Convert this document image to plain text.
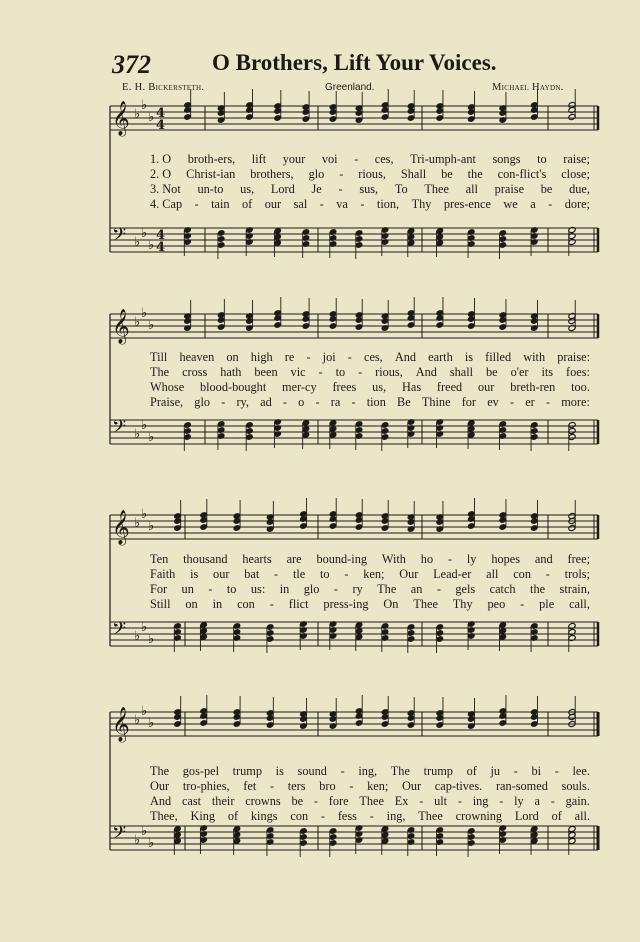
372	O Brothers, Lift Your Voices.
E. H. Bickersteth.	Greenland.	Michael Haydn.
𝄞 ♭
♭
♭ 4
4
𝄢 ♭
♭
♭
4
4
𝄞 ♭
♭
♭
𝄢 ♭
♭
♭
𝄞 ♭
♭
♭
𝄢 ♭
♭
♭
𝄞 ♭
♭
♭
𝄢 ♭
♭
♭
1. O broth-ers, lift your voi - ces, Tri-umph-ant songs to raise;
2. O Christ-ian brothers, glo - rious, Shall be the con-flict's close;
3. Not un-to us, Lord Je - sus, To Thee all praise be due,
4. Cap - tain of our sal - va - tion, Thy pres-ence we a - dore;
Till heaven on high re - joi - ces, And earth is filled with praise:
The cross hath been vic - to - rious, And shall be o'er its foes:
Whose blood-bought mer-cy frees us, Has freed our breth-ren too.
Praise, glo - ry, ad - o - ra - tion Be Thine for ev - er - more:
Ten thousand hearts are bound-ing With ho - ly hopes and free;
Faith is our bat - tle to - ken; Our Lead-er all con - trols;
For un - to us: in glo - ry The an - gels catch the strain,
Still on in con - flict press-ing On Thee Thy peo - ple call,
The gos-pel trump is sound - ing, The trump of ju - bi - lee.
Our tro-phies, fet - ters bro - ken; Our cap-tives. ran-somed souls.
And cast their crowns be - fore Thee Ex - ult - ing - ly a - gain.
Thee, King of kings con - fess - ing, Thee crowning Lord of all.
